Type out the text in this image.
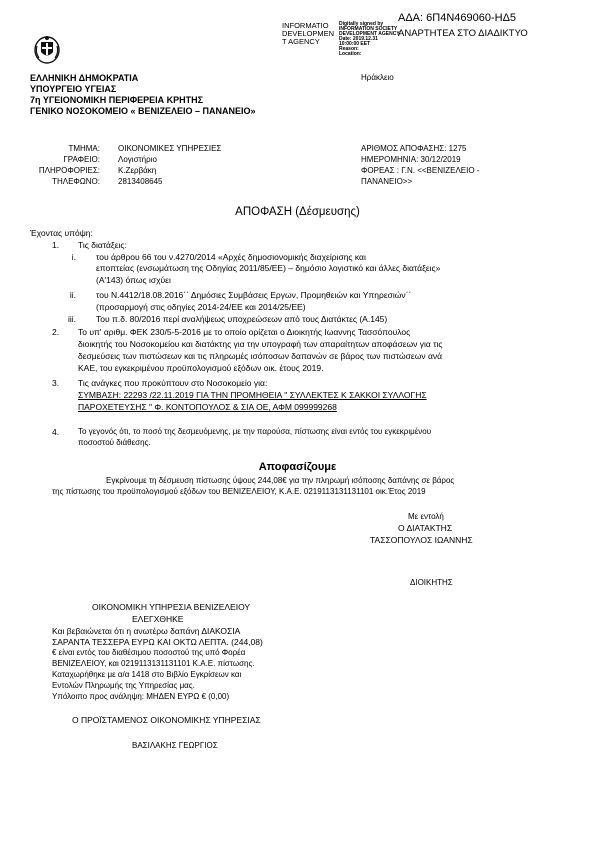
ΑΔΑ: 6Π4Ν469060-ΗΔ5
INFORMATIO
DEVELOPMEN
T AGENCY
Digitally signed by
INFORMATION SOCIETY
DEVELOPMENT AGENCY
Date: 2019.12.31
10:00:00 EET
Reason:
Location:
ΑΝΑΡΤΗΤΕΑ ΣΤΟ ΔΙΑΔΙΚΤΥΟ
ΕΛΛΗΝΙΚΗ ΔΗΜΟΚΡΑΤΙΑ
ΥΠΟΥΡΓΕΙΟ ΥΓΕΙΑΣ
7η ΥΓΕΙΟΝΟΜΙΚΗ ΠΕΡΙΦΕΡΕΙΑ ΚΡΗΤΗΣ
ΓΕΝΙΚΟ ΝΟΣΟΚΟΜΕΙΟ « ΒΕΝΙΖΕΛΕΙΟ – ΠΑΝΑΝΕΙΟ»
Ηράκλειο
ΤΜΗΜΑ:
ΓΡΑΦΕΙΟ:
ΠΛΗΡΟΦΟΡΙΕΣ:
ΤΗΛΕΦΩΝΟ:
ΟΙΚΟΝΟΜΙΚΕΣ ΥΠΗΡΕΣΙΕΣ
Λογιστήριο
Κ.Ζερβάκη
2813408645
ΑΡΙΘΜΟΣ ΑΠΟΦΑΣΗΣ: 1275
ΗΜΕΡΟΜΗΝΙΑ: 30/12/2019
ΦΟΡΕΑΣ : Γ.Ν. <<ΒΕΝΙΖΕΛΕΙΟ -
ΠΑΝΑΝΕΙΟ>>
ΑΠΟΦΑΣΗ (Δέσμευσης)
Έχοντας υπόψη:
1. Τις διατάξεις:
i. του άρθρου 66 του ν.4270/2014 «Αρχές δημοσιονομικής διαχείρισης και
εποπτείας (ενσωμάτωση της Οδηγίας 2011/85/ΕΕ) – δημόσιο λογιστικό και άλλες διατάξεις»
(Α'143) όπως ισχύει
ii. του Ν.4412/18.08.2016΄΄ Δημόσιες Συμβάσεις Εργων, Προμηθειών και Υπηρεσιών΄΄
(προσαρμογή στις οδηγίες 2014-24/ΕΕ και 2014/25/ΕΕ)
iii. Του π.δ. 80/2016 περί αναλήψεως υποχρεώσεων από τους Διατάκτες (Α.145)
2. Το υπ' αριθμ. ΦΕΚ 230/5-5-2016 με το οποίο ορίζεται ο Διοικητής Ιωαννης Τασσόπουλος
διοικητής του Νοσοκομείου και διατάκτης για την υπογραφή των απαραίτητων αποφάσεων για τις
δεσμεύσεις των πιστώσεων και τις πληρωμές ισόποσων δαπανών σε βάρος των πιστώσεων ανά
ΚΑΕ, του εγκεκριμένου προϋπολογισμού εξόδων οικ. έτους 2019.
3. Τις ανάγκες που προκύπτουν στο Νοσοκομείο για:
ΣΥΜΒΑΣΗ: 22293 /22.11.2019 ΓΙΑ ΤΗΝ ΠΡΟΜΗΘΕΙΑ " ΣΥΛΛΕΚΤΕΣ Κ ΣΑΚΚΟΙ ΣΥΛΛΟΓΗΣ
ΠΑΡΟΧΕΤΕΥΣΗΣ " Φ. ΚΟΝΤΟΠΟΥΛΟΣ & ΣΙΑ ΟΕ, ΑΦΜ 099999268
4. Το γεγονός ότι, το ποσό της δεσμευόμενης, με την παρούσα, πίστωσης είναι εντός του εγκεκριμένου
ποσοστού διάθεσης.
Αποφασίζουμε
Εγκρίνουμε τη δέσμευση πίστωσης ύψους 244,08€ για την πληρωμή ισόποσης δαπάνης σε βάρος
της πίστωσης του προϋπολογισμού εξόδων του ΒΕΝΙΖΕΛΕΙΟΥ, Κ.Α.Ε. 0219113131131101 οικ.Έτος 2019
Με εντολή
Ο ΔΙΑΤΑΚΤΗΣ
ΤΑΣΣΟΠΟΥΛΟΣ ΙΩΑΝΝΗΣ
ΔΙΟΙΚΗΤΗΣ
ΟΙΚΟΝΟΜΙΚΗ ΥΠΗΡΕΣΙΑ ΒΕΝΙΖΕΛΕΙΟΥ
ΕΛΕΓΧΘΗΚΕ
Και βεβαιώνεται ότι η ανωτέρω δαπάνη ΔΙΑΚΟΣΙΑ
ΣΑΡΑΝΤΑ ΤΕΣΣΕΡΑ ΕΥΡΩ ΚΑΙ ΟΚΤΩ ΛΕΠΤΑ. (244,08)
€ είναι εντός του διαθέσιμου ποσοστού της υπό Φορέα
ΒΕΝΙΖΕΛΕΙΟΥ, και 0219113131131101 Κ.Α.Ε. πίστωσης.
Καταχωρήθηκε με α/α 1418 στο Βιβλίο Εγκρίσεων και
Εντολών Πληρωμής της Υπηρεσίας μας.
Υπόλοιπο προς ανάληψη: ΜΗΔΕΝ ΕΥΡΩ € (0,00)
Ο ΠΡΟΪΣΤΑΜΕΝΟΣ ΟΙΚΟΝΟΜΙΚΗΣ ΥΠΗΡΕΣΙΑΣ
ΒΑΣΙΛΑΚΗΣ ΓΕΩΡΓΙΟΣ
